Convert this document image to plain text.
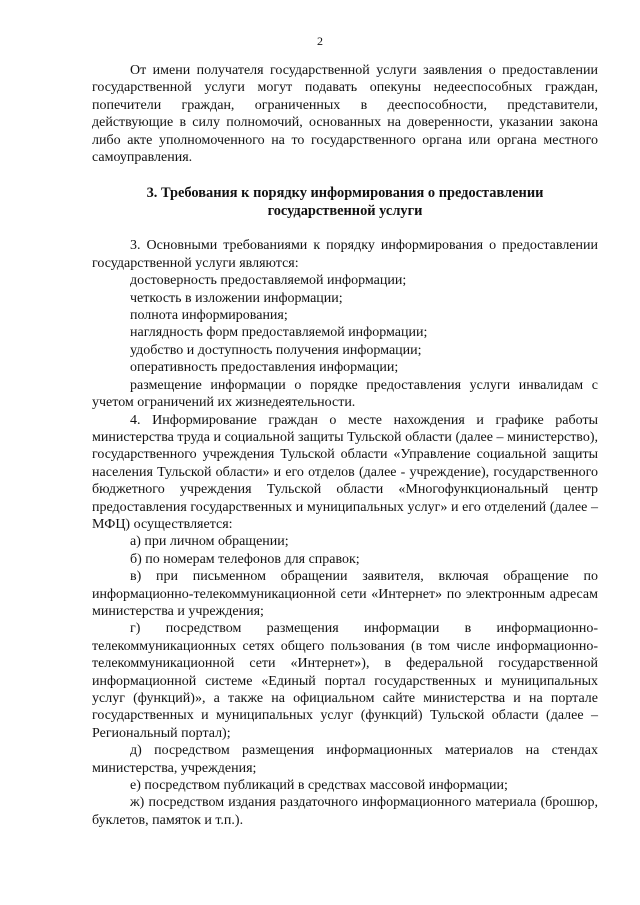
2

От имени получателя государственной услуги заявления о предоставлении государственной услуги могут подавать опекуны недееспособных граждан, попечители граждан, ограниченных в дееспособности, представители, действующие в силу полномочий, основанных на доверенности, указании закона либо акте уполномоченного на то государственного органа или органа местного самоуправления.

3. Требования к порядку информирования о предоставлении
государственной услуги

3. Основными требованиями к порядку информирования о предоставлении государственной услуги являются:

достоверность предоставляемой информации;

четкость в изложении информации;

полнота информирования;

наглядность форм предоставляемой информации;

удобство и доступность получения информации;

оперативность предоставления информации;

размещение информации о порядке предоставления услуги инвалидам с учетом ограничений их жизнедеятельности.

4. Информирование граждан о месте нахождения и графике работы министерства труда и социальной защиты Тульской области (далее – министерство), государственного учреждения Тульской области «Управление социальной защиты населения Тульской области» и его отделов (далее - учреждение), государственного бюджетного учреждения Тульской области «Многофункциональный центр предоставления государственных и муниципальных услуг» и его отделений (далее – МФЦ) осуществляется:

а) при личном обращении;

б) по номерам телефонов для справок;

в) при письменном обращении заявителя, включая обращение по информационно-телекоммуникационной сети «Интернет» по электронным адресам министерства и учреждения;

г) посредством размещения информации в информационно-телекоммуникационных сетях общего пользования (в том числе информационно-телекоммуникационной сети «Интернет»), в федеральной государственной информационной системе «Единый портал государственных и муниципальных услуг (функций)», а также на официальном сайте министерства и на портале государственных и муниципальных услуг (функций) Тульской области (далее – Региональный портал);

д) посредством размещения информационных материалов на стендах министерства, учреждения;

е) посредством публикаций в средствах массовой информации;

ж) посредством издания раздаточного информационного материала (брошюр, буклетов, памяток и т.п.).
